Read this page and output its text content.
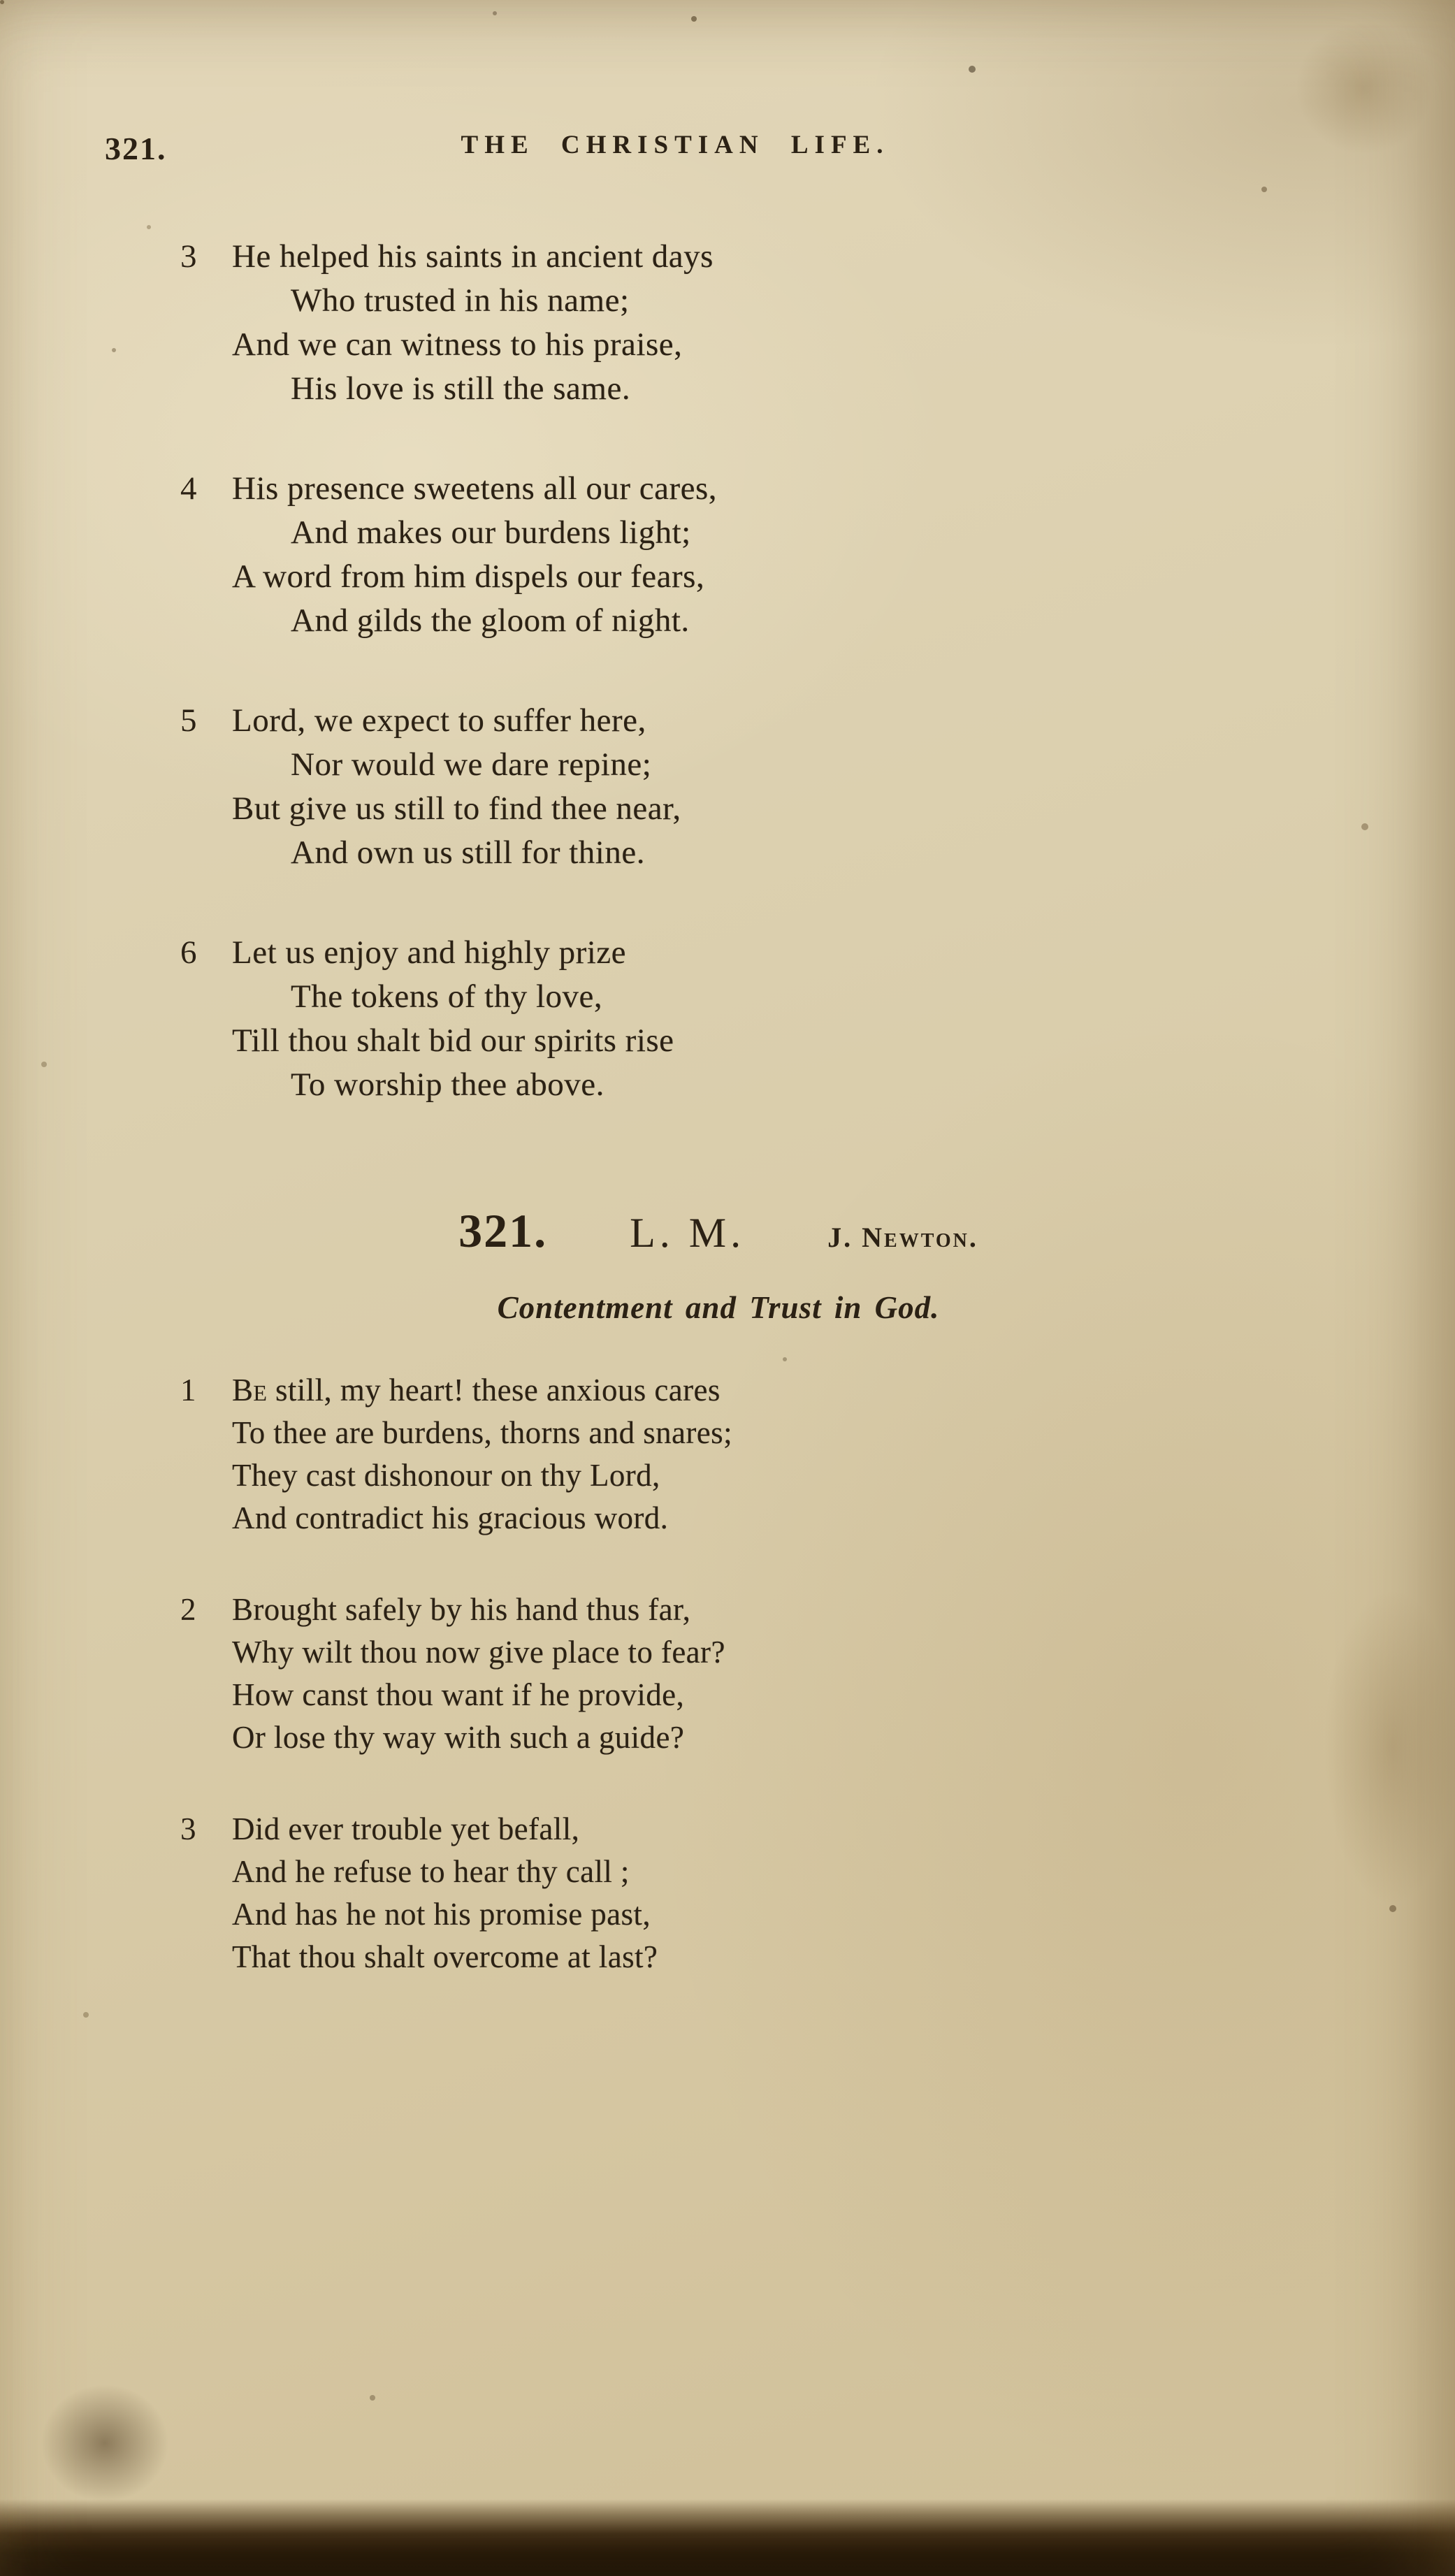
321.	THE CHRISTIAN LIFE.
3	He helped his saints in ancient days
Who trusted in his name;
And we can witness to his praise,
His love is still the same.
4	His presence sweetens all our cares,
And makes our burdens light;
A word from him dispels our fears,
And gilds the gloom of night.
5	Lord, we expect to suffer here,
Nor would we dare repine;
But give us still to find thee near,
And own us still for thine.
6	Let us enjoy and highly prize
The tokens of thy love,
Till thou shalt bid our spirits rise
To worship thee above.
321. L. M.	J. Newton.
Contentment and Trust in God.
1	Be still, my heart! these anxious cares
To thee are burdens, thorns and snares;
They cast dishonour on thy Lord,
And contradict his gracious word.
2	Brought safely by his hand thus far,
Why wilt thou now give place to fear?
How canst thou want if he provide,
Or lose thy way with such a guide?
3	Did ever trouble yet befall,
And he refuse to hear thy call ;
And has he not his promise past,
That thou shalt overcome at last?
